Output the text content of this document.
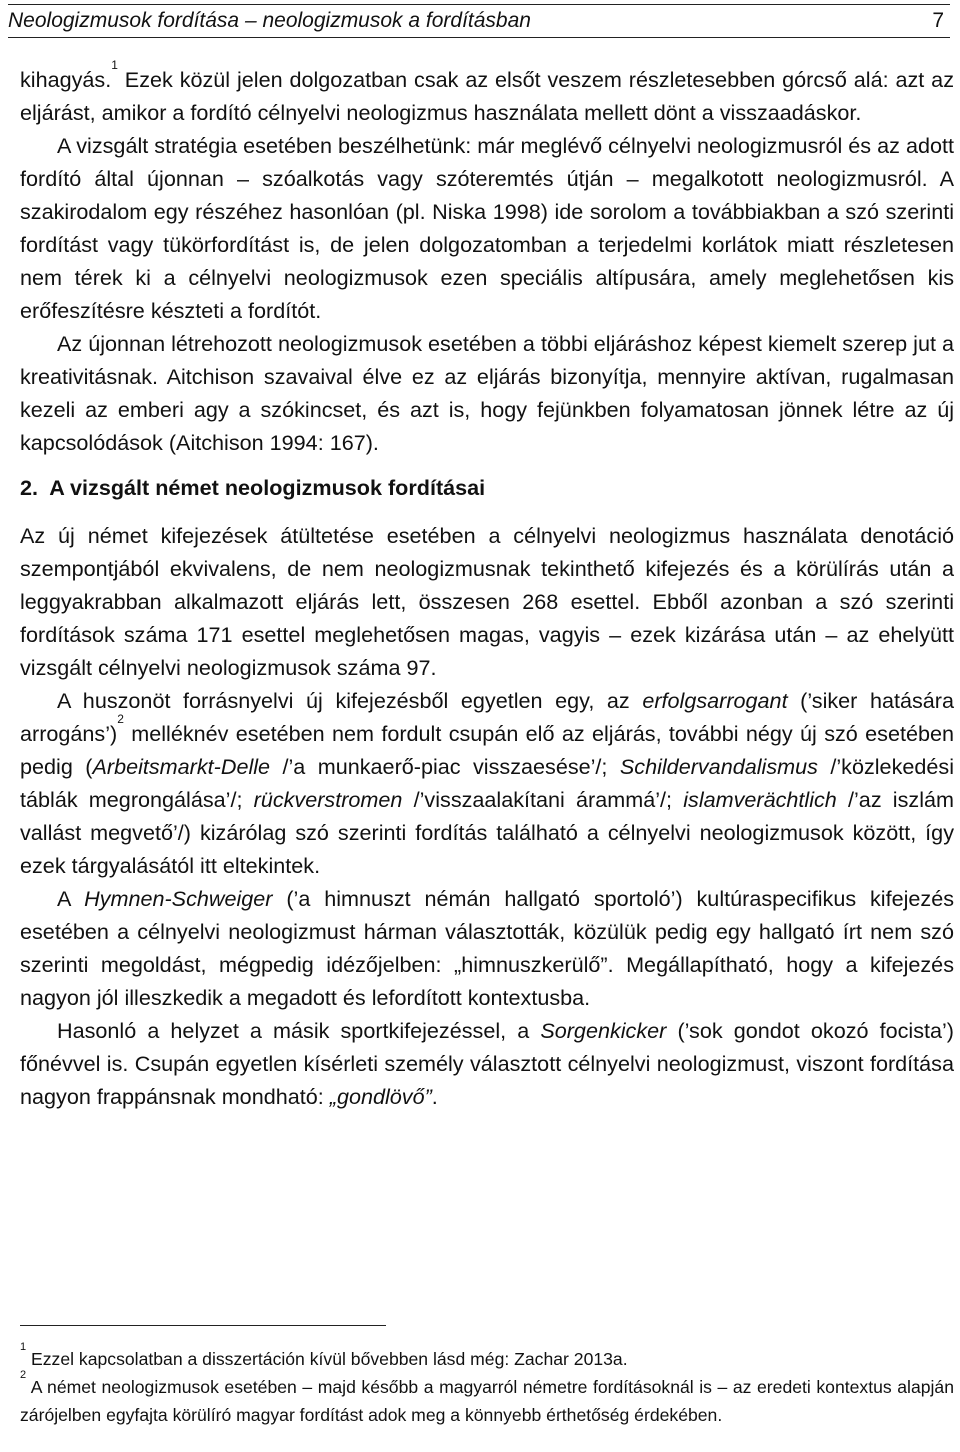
Neologizmusok fordítása – neologizmusok a fordításban	7

kihagyás.$^1$ Ezek közül jelen dolgozatban csak az elsőt veszem részletesebben górcső alá: azt az eljárást, amikor a fordító célnyelvi neologizmus használata mellett dönt a visszaadáskor.

A vizsgált stratégia esetében beszélhetünk: már meglévő célnyelvi neologizmusról és az adott fordító által újonnan – szóalkotás vagy szóteremtés útján – megalkotott neologizmusról. A szakirodalom egy részéhez hasonlóan (pl. Niska 1998) ide sorolom a továbbiakban a szó szerinti fordítást vagy tükörfordítást is, de jelen dolgozatomban a terjedelmi korlátok miatt részletesen nem térek ki a célnyelvi neologizmusok ezen speciális altípusára, amely meglehetősen kis erőfeszítésre készteti a fordítót.

Az újonnan létrehozott neologizmusok esetében a többi eljáráshoz képest kiemelt szerep jut a kreativitásnak. Aitchison szavaival élve ez az eljárás bizonyítja, mennyire aktívan, rugalmasan kezeli az emberi agy a szókincset, és azt is, hogy fejünkben folyamatosan jönnek létre az új kapcsolódások (Aitchison 1994: 167).

2. A vizsgált német neologizmusok fordításai

Az új német kifejezések átültetése esetében a célnyelvi neologizmus használata denotáció szempontjából ekvivalens, de nem neologizmusnak tekinthető kifejezés és a körülírás után a leggyakrabban alkalmazott eljárás lett, összesen 268 esettel. Ebből azonban a szó szerinti fordítások száma 171 esettel meglehetősen magas, vagyis – ezek kizárása után – az ehelyütt vizsgált célnyelvi neologizmusok száma 97.

A huszonöt forrásnyelvi új kifejezésből egyetlen egy, az erfolgsarrogant (’siker hatására arrogáns’)$^2$ melléknév esetében nem fordult csupán elő az eljárás, további négy új szó esetében pedig (Arbeitsmarkt-Delle /’a munkaerő-piac visszaesése’/; Schildervandalismus /’közlekedési táblák megrongálása’/; rückverstromen /’visszaalakítani árammá’/; islamverächtlich /’az iszlám vallást megvető’/) kizárólag szó szerinti fordítás található a célnyelvi neologizmusok között, így ezek tárgyalásától itt eltekintek.

A Hymnen-Schweiger (’a himnuszt némán hallgató sportoló’) kultúraspecifikus kifejezés esetében a célnyelvi neologizmust hárman választották, közülük pedig egy hallgató írt nem szó szerinti megoldást, mégpedig idézőjelben: „himnuszkerülő”. Megállapítható, hogy a kifejezés nagyon jól illeszkedik a megadott és lefordított kontextusba.

Hasonló a helyzet a másik sportkifejezéssel, a Sorgenkicker (’sok gondot okozó focista’) főnévvel is. Csupán egyetlen kísérleti személy választott célnyelvi neologizmust, viszont fordítása nagyon frappánsnak mondható: „gondlövő”.

$^1$ Ezzel kapcsolatban a disszertáción kívül bővebben lásd még: Zachar 2013a.

$^2$ A német neologizmusok esetében – majd később a magyarról németre fordításoknál is – az eredeti kontextus alapján zárójelben egyfajta körülíró magyar fordítást adok meg a könnyebb érthetőség érdekében.
